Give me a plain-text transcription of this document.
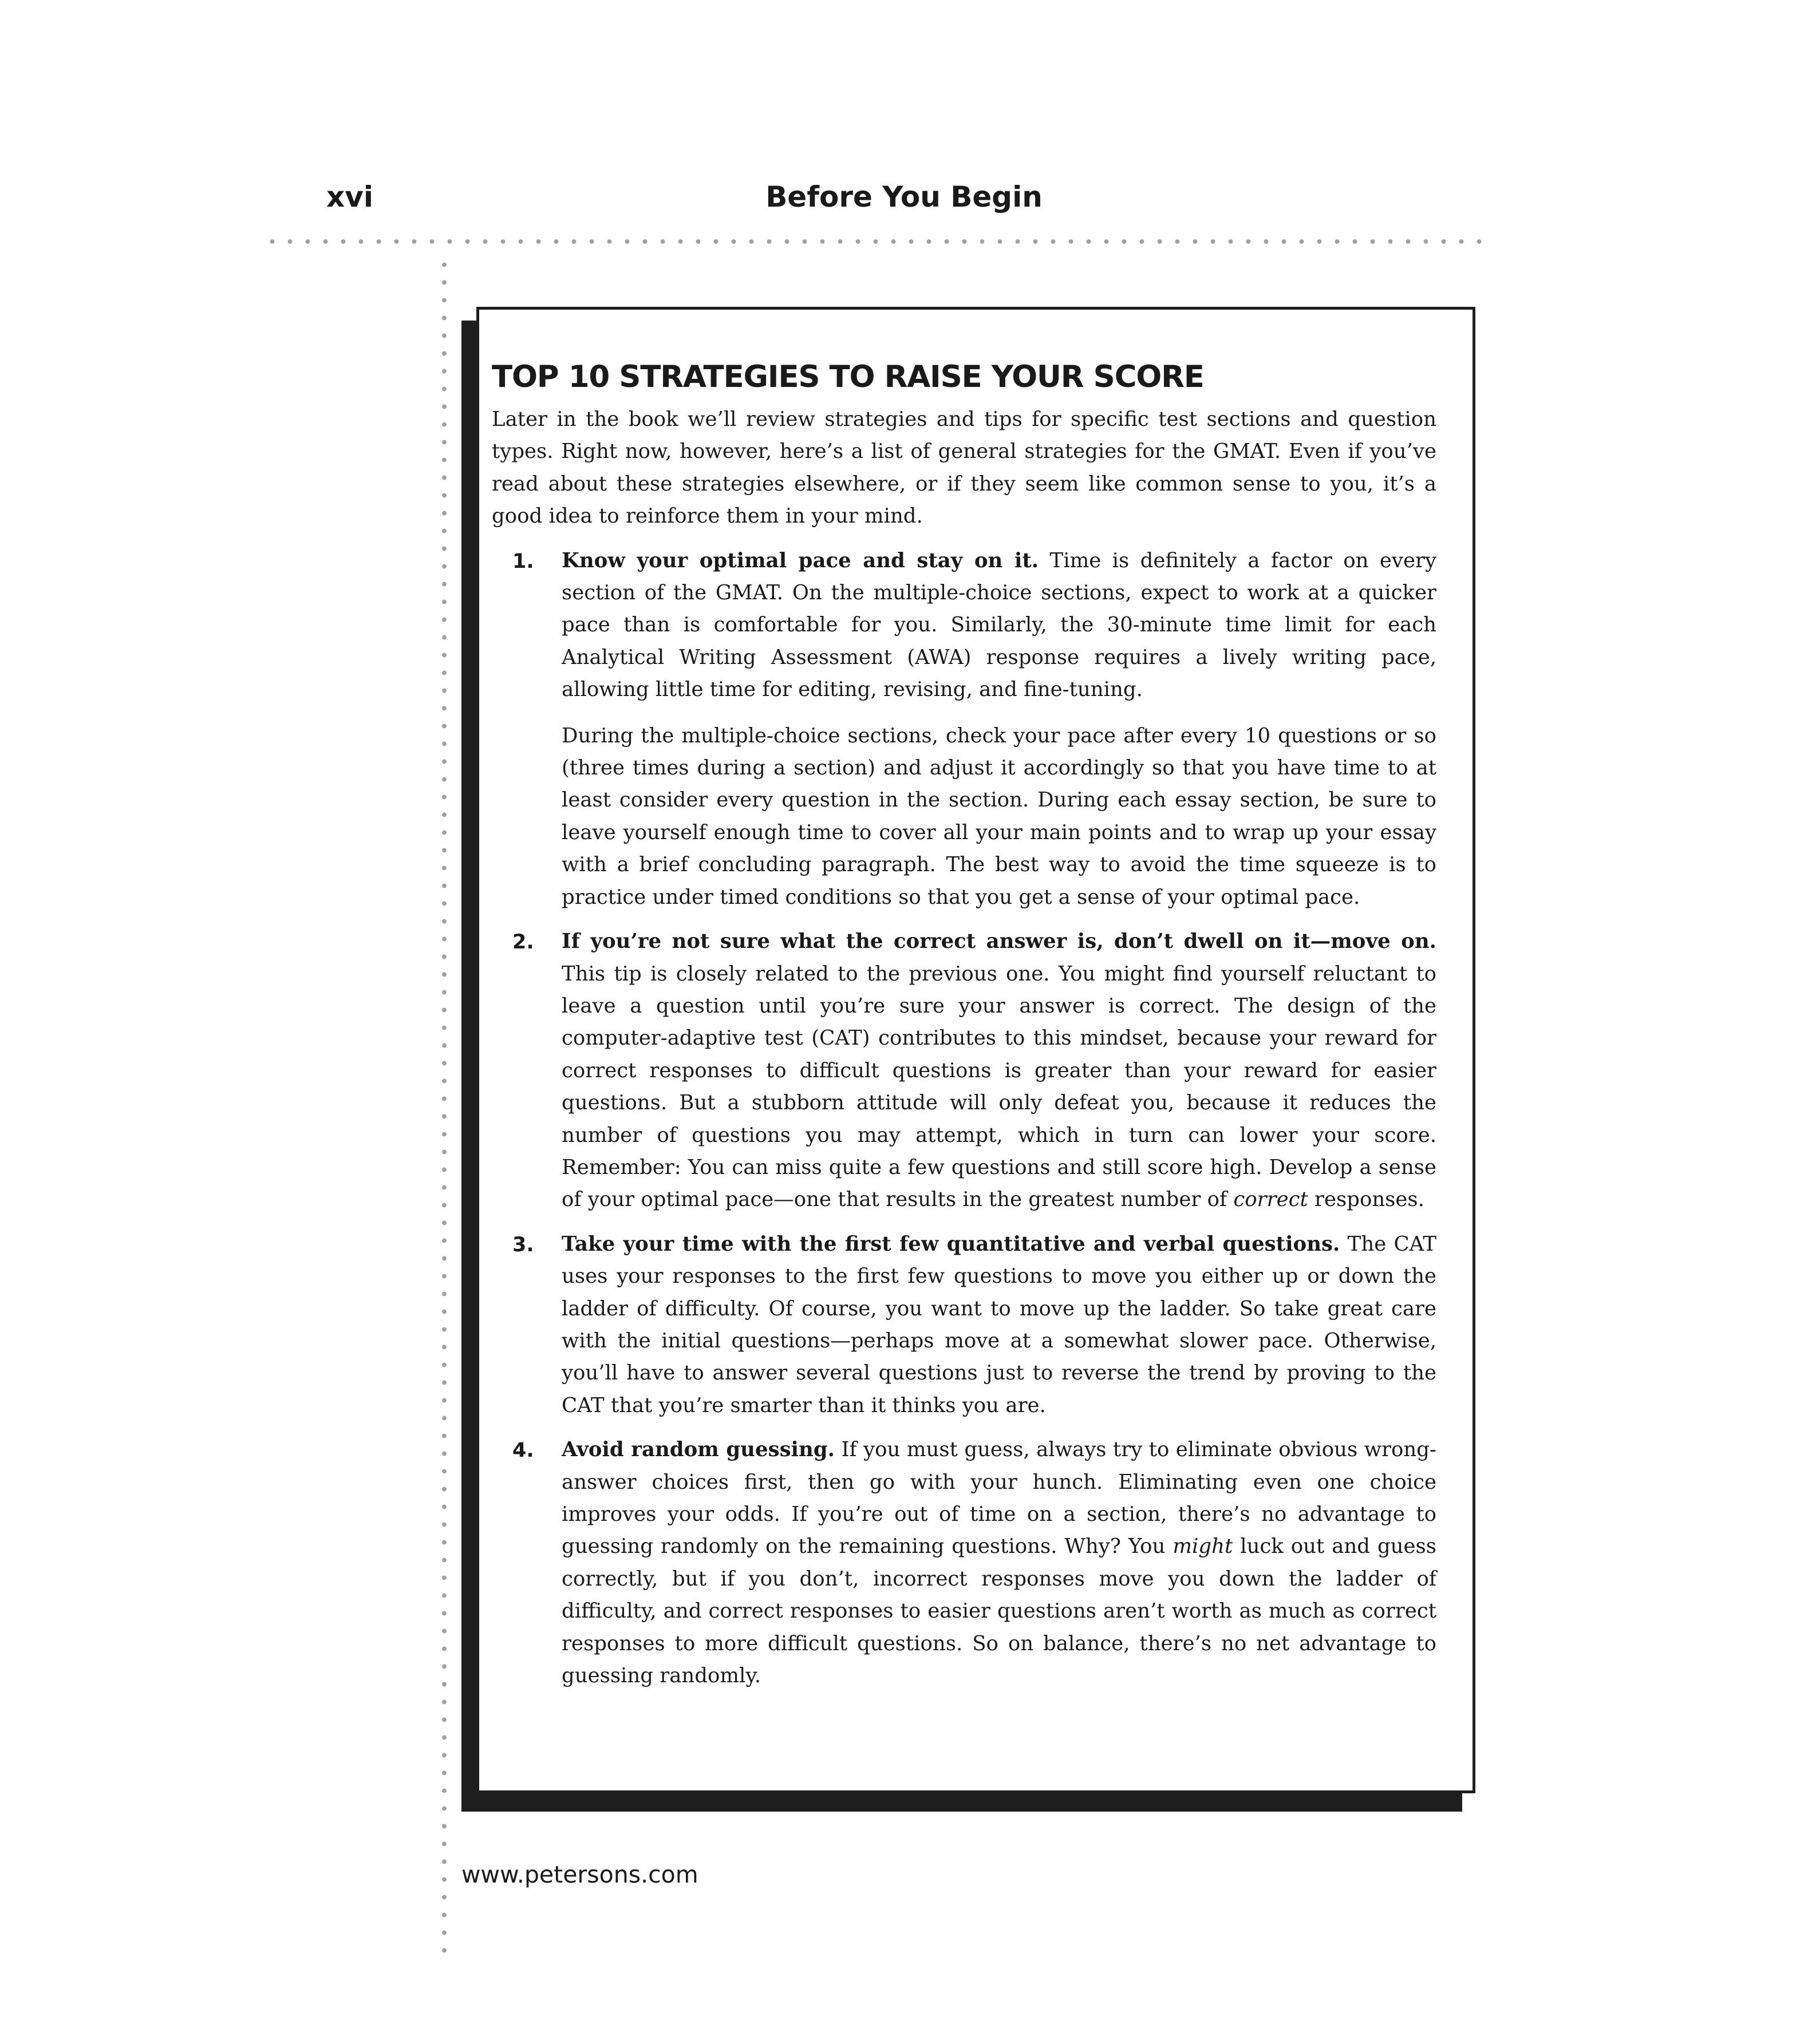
xvi	Before You Begin
TOP 10 STRATEGIES TO RAISE YOUR SCORE

Later in the book we’ll review strategies and tips for specific test sections and question types. Right now, however, here’s a list of general strategies for the GMAT. Even if you’ve read about these strategies elsewhere, or if they seem like common sense to you, it’s a good idea to reinforce them in your mind.

1. Know your optimal pace and stay on it. Time is definitely a factor on every section of the GMAT. On the multiple-choice sections, expect to work at a quicker pace than is comfortable for you. Similarly, the 30-minute time limit for each Analytical Writing Assessment (AWA) response requires a lively writing pace, allowing little time for editing, revising, and fine-tuning.

During the multiple-choice sections, check your pace after every 10 questions or so (three times during a section) and adjust it accordingly so that you have time to at least consider every question in the section. During each essay section, be sure to leave yourself enough time to cover all your main points and to wrap up your essay with a brief concluding paragraph. The best way to avoid the time squeeze is to practice under timed conditions so that you get a sense of your optimal pace.

2. If you’re not sure what the correct answer is, don’t dwell on it—move on. This tip is closely related to the previous one. You might find yourself reluctant to leave a question until you’re sure your answer is correct. The design of the computer-adaptive test (CAT) contributes to this mindset, because your reward for correct responses to difficult questions is greater than your reward for easier questions. But a stubborn attitude will only defeat you, because it reduces the number of questions you may attempt, which in turn can lower your score. Remember: You can miss quite a few questions and still score high. Develop a sense of your optimal pace—one that results in the greatest number of correct responses.

3. Take your time with the first few quantitative and verbal questions. The CAT uses your responses to the first few questions to move you either up or down the ladder of difficulty. Of course, you want to move up the ladder. So take great care with the initial questions—perhaps move at a somewhat slower pace. Otherwise, you’ll have to answer several questions just to reverse the trend by proving to the CAT that you’re smarter than it thinks you are.

4. Avoid random guessing. If you must guess, always try to eliminate obvious wrong-answer choices first, then go with your hunch. Eliminating even one choice improves your odds. If you’re out of time on a section, there’s no advantage to guessing randomly on the remaining questions. Why? You might luck out and guess correctly, but if you don’t, incorrect responses move you down the ladder of difficulty, and correct responses to easier questions aren’t worth as much as correct responses to more difficult questions. So on balance, there’s no net advantage to guessing randomly.

www.petersons.com
